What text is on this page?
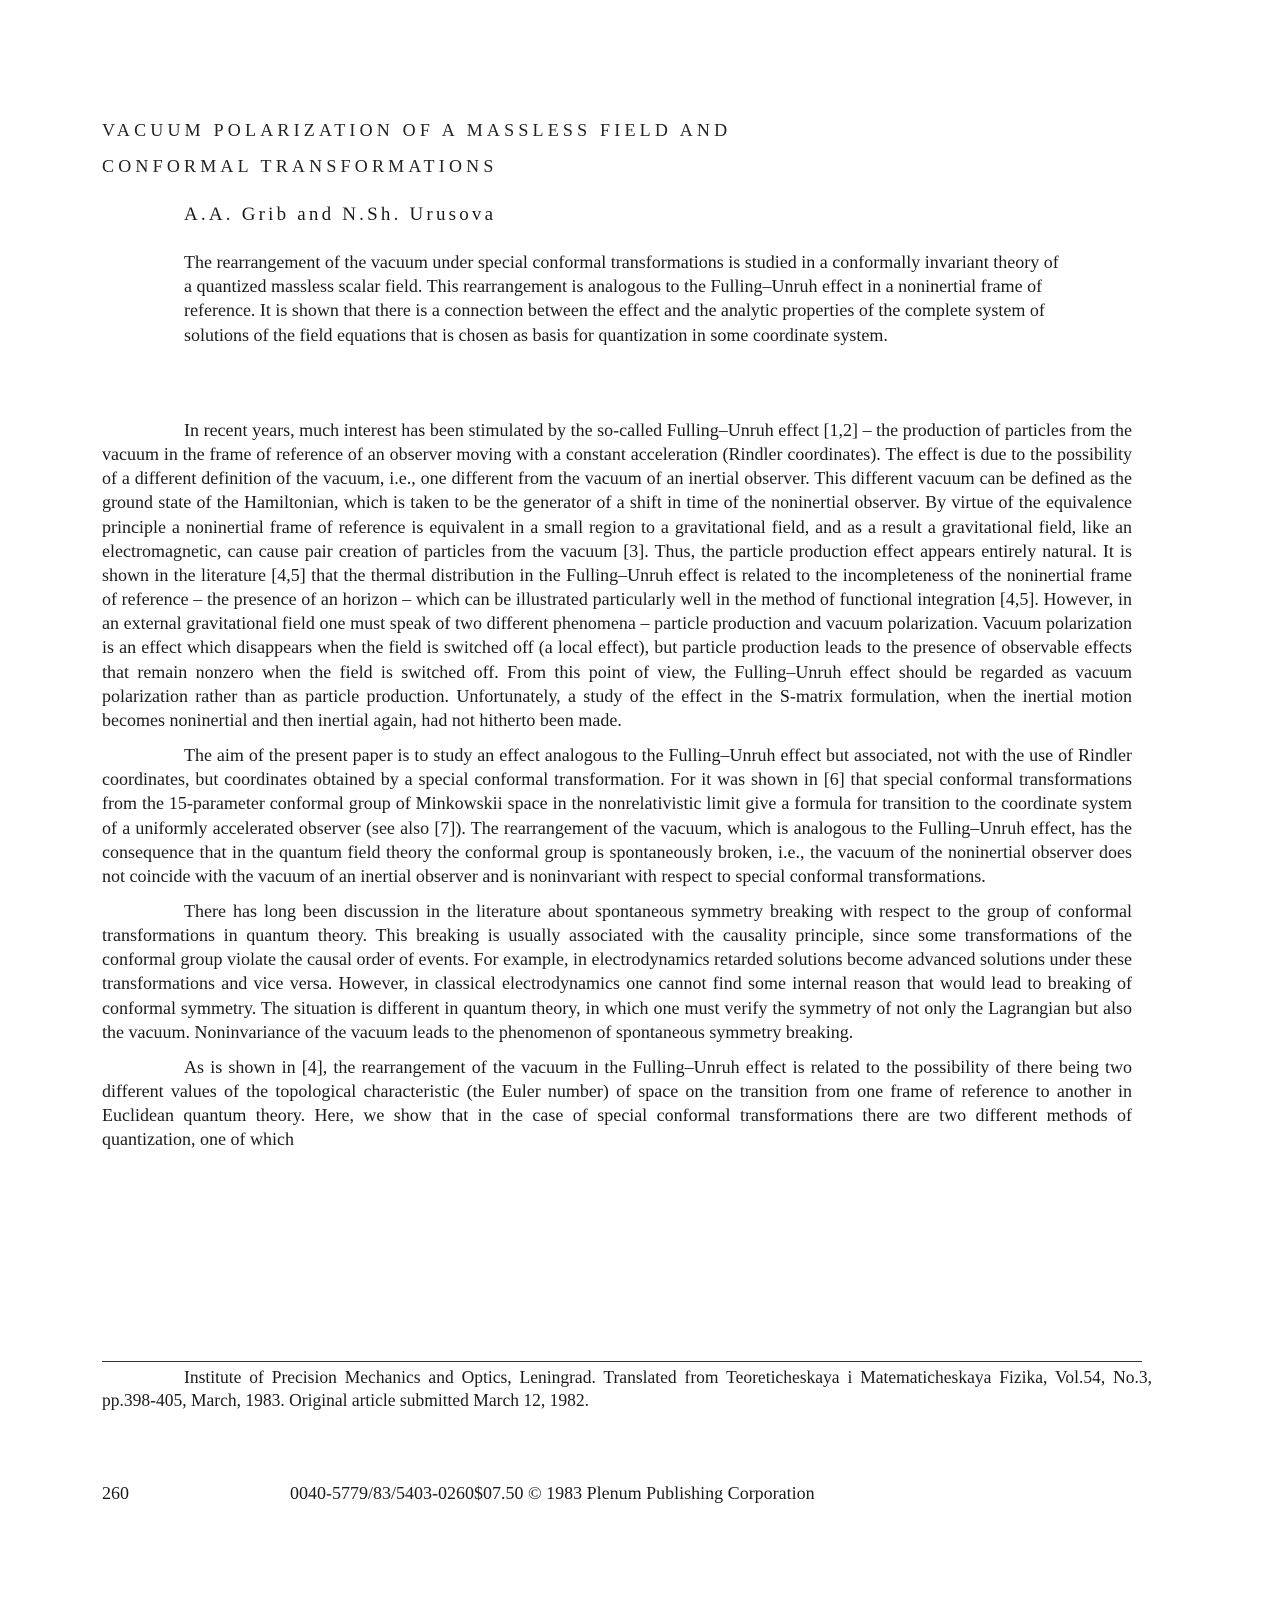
VACUUM POLARIZATION OF A MASSLESS FIELD AND
CONFORMAL TRANSFORMATIONS
A.A. Grib and N.Sh. Urusova
The rearrangement of the vacuum under special conformal transformations is studied in a conformally invariant theory of a quantized massless scalar field. This rearrangement is analogous to the Fulling–Unruh effect in a noninertial frame of reference. It is shown that there is a connection between the effect and the analytic properties of the complete system of solutions of the field equations that is chosen as basis for quantization in some coordinate system.

In recent years, much interest has been stimulated by the so-called Fulling–Unruh effect [1,2] – the production of particles from the vacuum in the frame of reference of an observer moving with a constant acceleration (Rindler coordinates). The effect is due to the possibility of a different definition of the vacuum, i.e., one different from the vacuum of an inertial observer. This different vacuum can be defined as the ground state of the Hamiltonian, which is taken to be the generator of a shift in time of the noninertial observer. By virtue of the equivalence principle a noninertial frame of reference is equivalent in a small region to a gravitational field, and as a result a gravitational field, like an electromagnetic, can cause pair creation of particles from the vacuum [3]. Thus, the particle production effect appears entirely natural. It is shown in the literature [4,5] that the thermal distribution in the Fulling–Unruh effect is related to the incompleteness of the noninertial frame of reference – the presence of an horizon – which can be illustrated particularly well in the method of functional integration [4,5]. However, in an external gravitational field one must speak of two different phenomena – particle production and vacuum polarization. Vacuum polarization is an effect which disappears when the field is switched off (a local effect), but particle production leads to the presence of observable effects that remain nonzero when the field is switched off. From this point of view, the Fulling–Unruh effect should be regarded as vacuum polarization rather than as particle production. Unfortunately, a study of the effect in the S-matrix formulation, when the inertial motion becomes noninertial and then inertial again, had not hitherto been made.

The aim of the present paper is to study an effect analogous to the Fulling–Unruh effect but associated, not with the use of Rindler coordinates, but coordinates obtained by a special conformal transformation. For it was shown in [6] that special conformal transformations from the 15-parameter conformal group of Minkowskii space in the nonrelativistic limit give a formula for transition to the coordinate system of a uniformly accelerated observer (see also [7]). The rearrangement of the vacuum, which is analogous to the Fulling–Unruh effect, has the consequence that in the quantum field theory the conformal group is spontaneously broken, i.e., the vacuum of the noninertial observer does not coincide with the vacuum of an inertial observer and is noninvariant with respect to special conformal transformations.

There has long been discussion in the literature about spontaneous symmetry breaking with respect to the group of conformal transformations in quantum theory. This breaking is usually associated with the causality principle, since some transformations of the conformal group violate the causal order of events. For example, in electrodynamics retarded solutions become advanced solutions under these transformations and vice versa. However, in classical electrodynamics one cannot find some internal reason that would lead to breaking of conformal symmetry. The situation is different in quantum theory, in which one must verify the symmetry of not only the Lagrangian but also the vacuum. Noninvariance of the vacuum leads to the phenomenon of spontaneous symmetry breaking.

As is shown in [4], the rearrangement of the vacuum in the Fulling–Unruh effect is related to the possibility of there being two different values of the topological characteristic (the Euler number) of space on the transition from one frame of reference to another in Euclidean quantum theory. Here, we show that in the case of special conformal transformations there are two different methods of quantization, one of which

Institute of Precision Mechanics and Optics, Leningrad. Translated from Teoreticheskaya i Matematicheskaya Fizika, Vol.54, No.3, pp.398-405, March, 1983. Original article submitted March 12, 1982.

260	0040-5779/83/5403-0260$07.50 © 1983 Plenum Publishing Corporation
